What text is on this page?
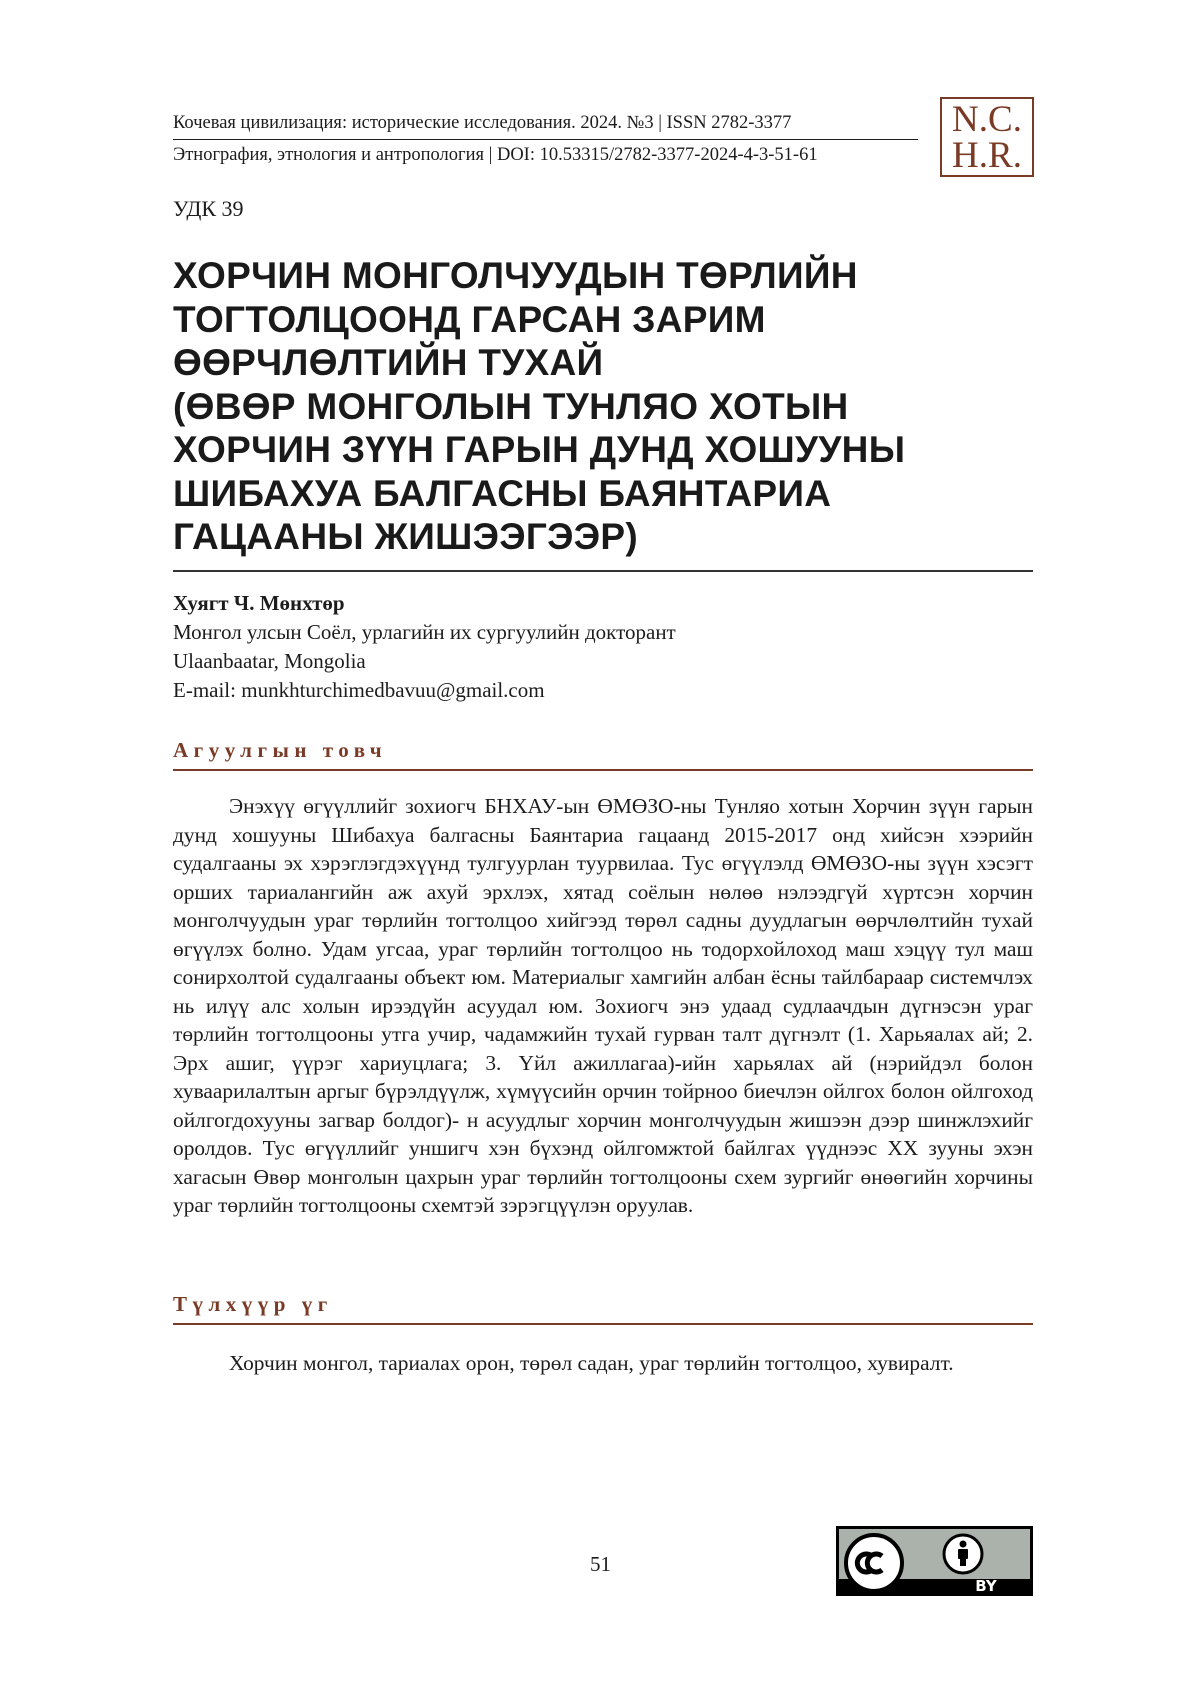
Кочевая цивилизация: исторические исследования. 2024. №3 | ISSN 2782-3377
Этнография, этнология и антропология | DOI: 10.53315/2782-3377-2024-4-3-51-61
N.C.
H.R.
УДК 39
ХОРЧИН МОНГОЛЧУУДЫН ТӨРЛИЙН
ТОГТОЛЦООНД ГАРСАН ЗАРИМ
ӨӨРЧЛӨЛТИЙН ТУХАЙ
(ӨВӨР МОНГОЛЫН ТУНЛЯО ХОТЫН
ХОРЧИН ЗҮҮН ГАРЫН ДУНД ХОШУУНЫ
ШИБАХУА БАЛГАСНЫ БАЯНТАРИА
ГАЦААНЫ ЖИШЭЭГЭЭР)
Хуягт Ч. Мөнхтөр
Монгол улсын Соёл, урлагийн их сургуулийн докторант
Ulaanbaatar, Mongolia
E-mail: munkhturchimedbavuu@gmail.com
Агуулгын товч

Энэхүү өгүүллийг зохиогч БНХАУ-ын ӨМӨЗО-ны Тунляо хотын Хорчин зүүн гарын дунд хошууны Шибахуа балгасны Баянтариа гацаанд 2015-2017 онд хийсэн хээрийн судалгааны эх хэрэглэгдэхүүнд тулгуурлан туурвилаа. Тус өгүүлэлд ӨМӨЗО-ны зүүн хэсэгт орших тариалангийн аж ахуй эрхлэх, хятад соёлын нөлөө нэлээдгүй хүртсэн хорчин монголчуудын ураг төрлийн тогтолцоо хийгээд төрөл садны дуудлагын өөрчлөлтийн тухай өгүүлэх болно. Удам угсаа, ураг төрлийн тогтолцоо нь тодорхойлоход маш хэцүү тул маш сонирхолтой судалгааны объект юм. Материалыг хамгийн албан ёсны тайлбараар системчлэх нь илүү алс холын ирээдүйн асуудал юм. Зохиогч энэ удаад судлаачдын дүгнэсэн ураг төрлийн тогтолцооны утга учир, чадамжийн тухай гурван талт дүгнэлт (1. Харьяалах ай; 2. Эрх ашиг, үүрэг хариуцлага; 3. Үйл ажиллагаа)-ийн харьялах ай (нэрийдэл болон хуваарилалтын аргыг бүрэлдүүлж, хүмүүсийн орчин тойрноо биечлэн ойлгох болон ойлгоход ойлгогдохууны загвар болдог)- н асуудлыг хорчин монголчуудын жишээн дээр шинжлэхийг оролдов. Тус өгүүллийг уншигч хэн бүхэнд ойлгомжтой байлгах үүднээс XX зууны эхэн хагасын Өвөр монголын цахрын ураг төрлийн тогтолцооны схем зургийг өнөөгийн хорчины ураг төрлийн тогтолцооны схемтэй зэрэгцүүлэн оруулав.

Түлхүүр үг
Хорчин монгол, тариалах орон, төрөл садан, ураг төрлийн тогтолцоо, хувиралт.
51
BY
